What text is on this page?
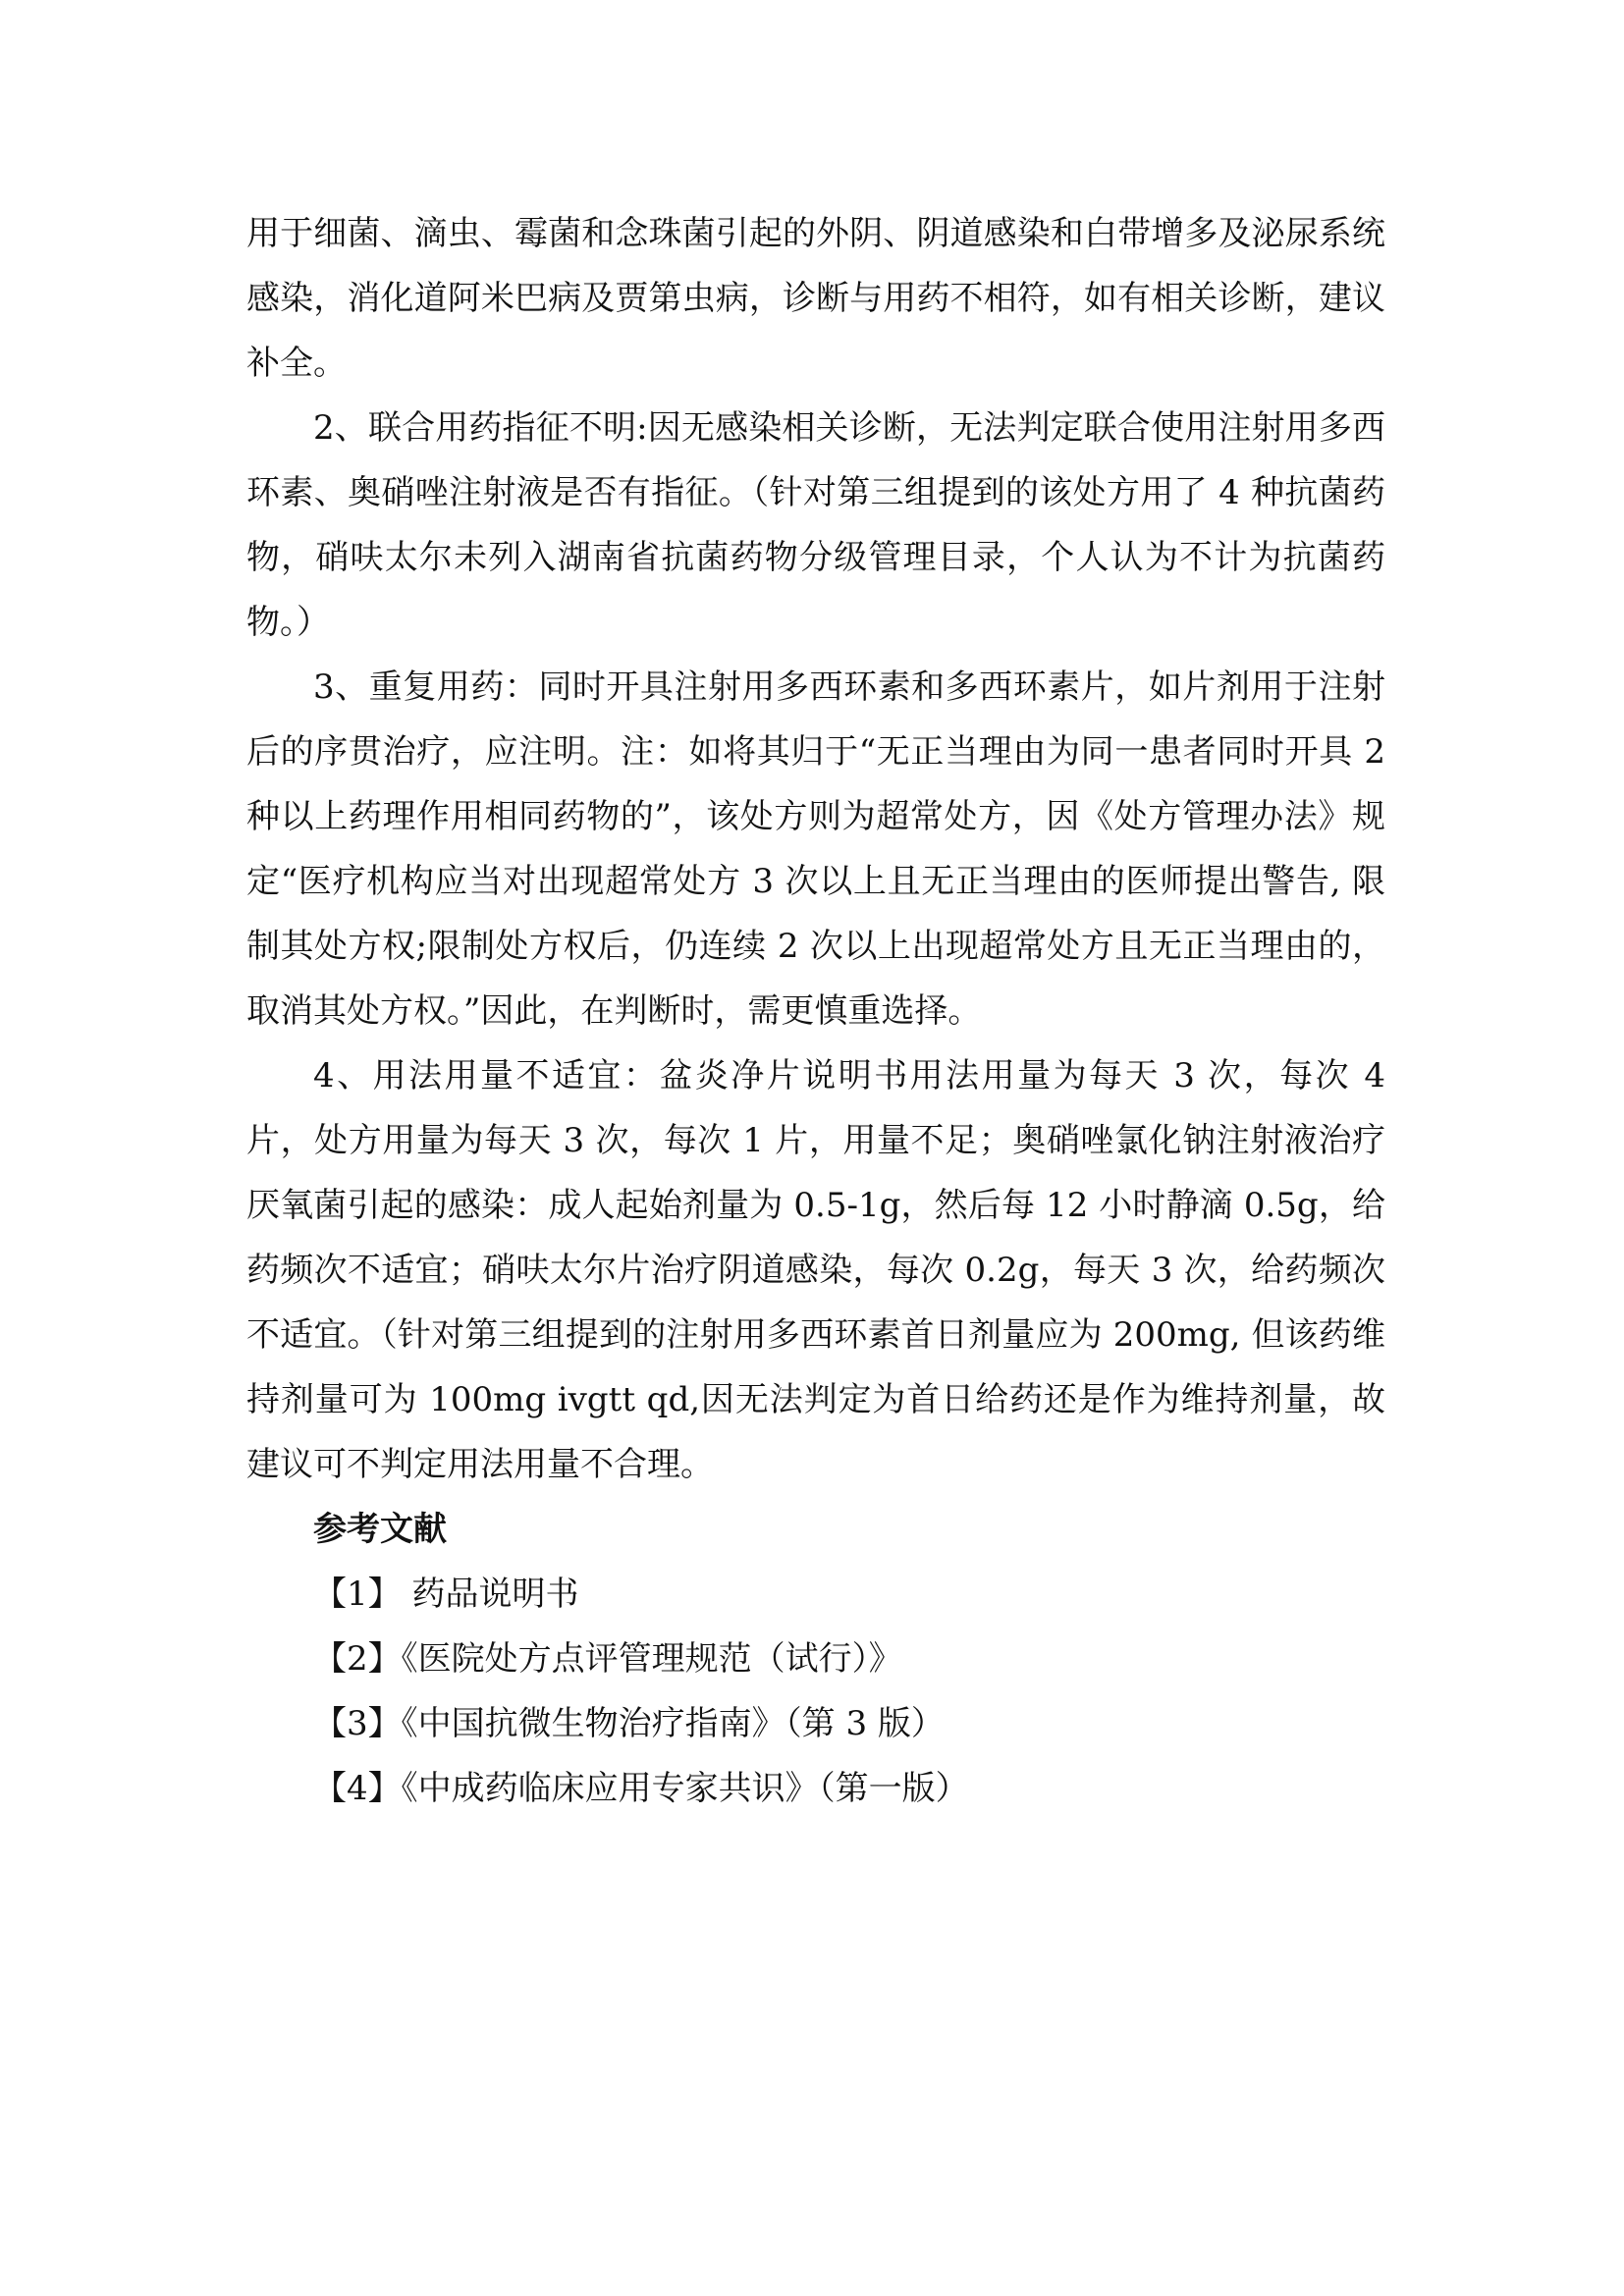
用于细菌、滴虫、霉菌和念珠菌引起的外阴、阴道感染和白带增多及泌尿系统感染，消化道阿米巴病及贾第虫病，诊断与用药不相符，如有相关诊断，建议补全。

2、联合用药指征不明:因无感染相关诊断，无法判定联合使用注射用多西环素、奥硝唑注射液是否有指征。（针对第三组提到的该处方用了 4 种抗菌药物，硝呋太尔未列入湖南省抗菌药物分级管理目录，个人认为不计为抗菌药物。）

3、重复用药：同时开具注射用多西环素和多西环素片，如片剂用于注射后的序贯治疗，应注明。注：如将其归于“无正当理由为同一患者同时开具 2 种以上药理作用相同药物的”，该处方则为超常处方，因《处方管理办法》规定“医疗机构应当对出现超常处方 3 次以上且无正当理由的医师提出警告, 限制其处方权;限制处方权后，仍连续 2 次以上出现超常处方且无正当理由的，取消其处方权。”因此，在判断时，需更慎重选择。

4、用法用量不适宜：盆炎净片说明书用法用量为每天 3 次，每次 4 片，处方用量为每天 3 次，每次 1 片，用量不足；奥硝唑氯化钠注射液治疗厌氧菌引起的感染：成人起始剂量为 0.5-1g，然后每 12 小时静滴 0.5g，给药频次不适宜；硝呋太尔片治疗阴道感染，每次 0.2g，每天 3 次，给药频次不适宜。（针对第三组提到的注射用多西环素首日剂量应为 200mg, 但该药维持剂量可为 100mg ivgtt qd,因无法判定为首日给药还是作为维持剂量，故建议可不判定用法用量不合理。

参考文献
【1】 药品说明书
【2】《医院处方点评管理规范（试行）》
【3】《中国抗微生物治疗指南》（第 3 版）
【4】《中成药临床应用专家共识》（第一版）
